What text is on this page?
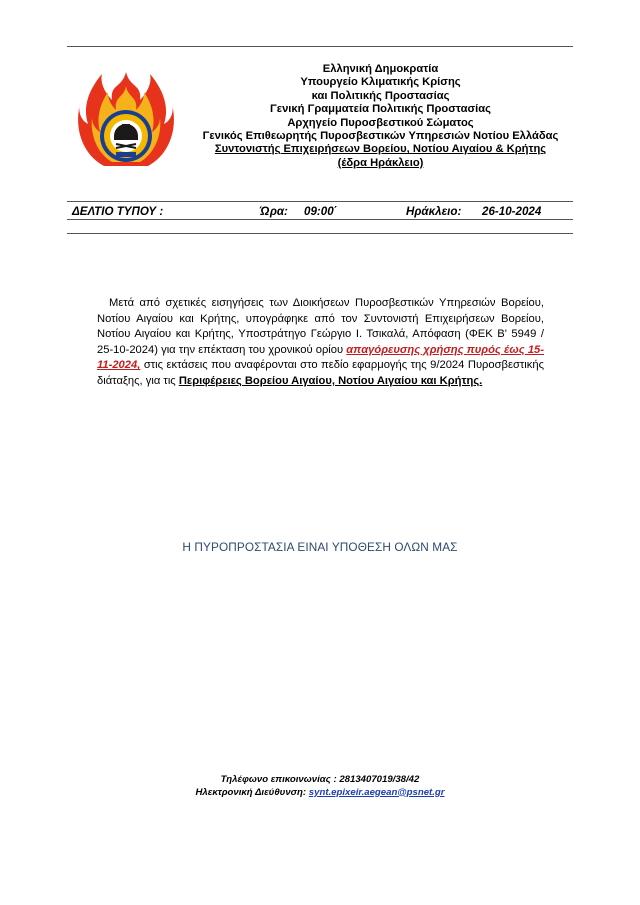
Ελληνική Δημοκρατία
Υπουργείο Κλιματικής Κρίσης
και Πολιτικής Προστασίας
Γενική Γραμματεία Πολιτικής Προστασίας
Αρχηγείο Πυροσβεστικού Σώματος
Γενικός Επιθεωρητής Πυροσβεστικών Υπηρεσιών Νοτίου Ελλάδας
Συντονιστής Επιχειρήσεων Βορείου, Νοτίου Αιγαίου & Κρήτης
(έδρα Ηράκλειο)
ΔΕΛΤΙΟ ΤΥΠΟΥ :	Ώρα: 09:00΄	Ηράκλειο: 26-10-2024
Μετά από σχετικές εισηγήσεις των Διοικήσεων Πυροσβεστικών Υπηρεσιών Βορείου, Νοτίου Αιγαίου και Κρήτης, υπογράφηκε από τον Συντονιστή Επιχειρήσεων Βορείου, Νοτίου Αιγαίου και Κρήτης, Υποστράτηγο Γεώργιο Ι. Τσικαλά, Απόφαση (ΦΕΚ Β' 5949 / 25-10-2024) για την επέκταση του χρονικού ορίου απαγόρευσης χρήσης πυρός έως 15-11-2024, στις εκτάσεις που αναφέρονται στο πεδίο εφαρμογής της 9/2024 Πυροσβεστικής διάταξης, για τις Περιφέρειες Βορείου Αιγαίου, Νοτίου Αιγαίου και Κρήτης.
Η ΠΥΡΟΠΡΟΣΤΑΣΙΑ ΕΙΝΑΙ ΥΠΟΘΕΣΗ ΟΛΩΝ ΜΑΣ
Τηλέφωνο επικοινωνίας : 2813407019/38/42
Ηλεκτρονική Διεύθυνση: synt.epixeir.aegean@psnet.gr
